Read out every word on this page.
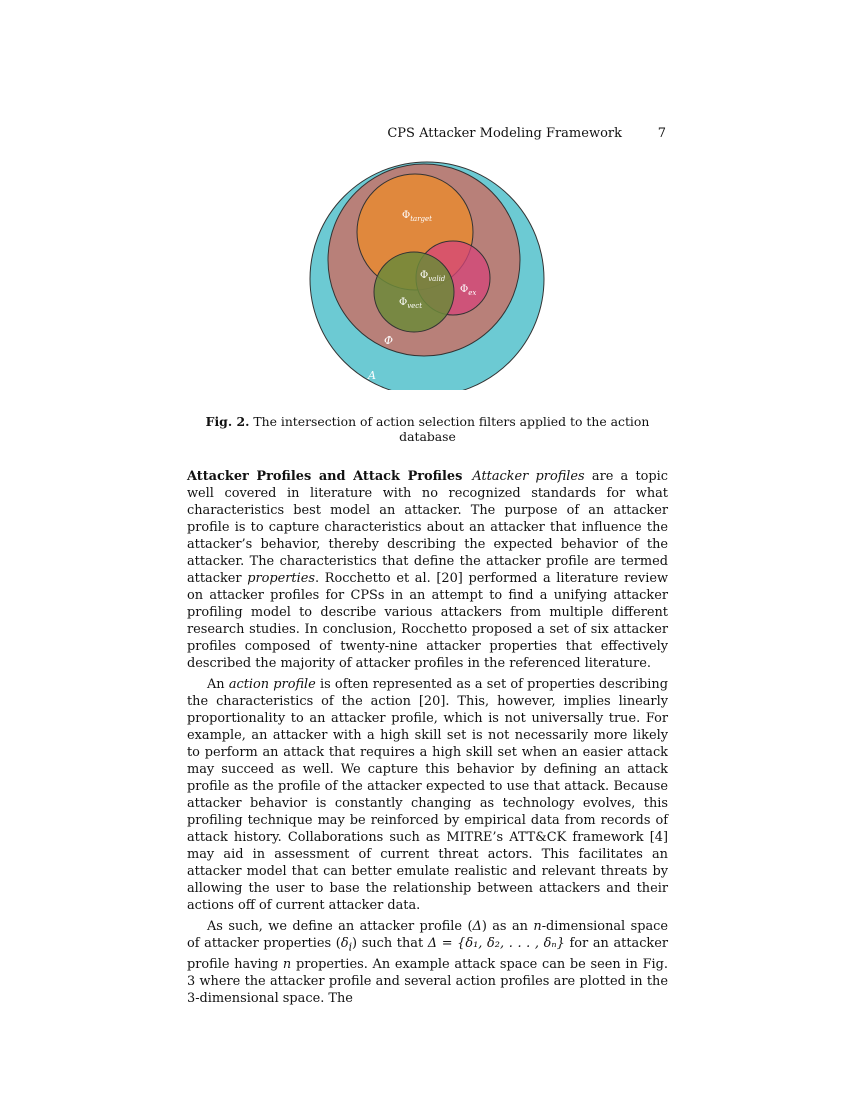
CPS Attacker Modeling Framework	7
A
Φ
$\Phi_{target}$
$\Phi_{valid}$
$\Phi_{vect}$
$\Phi_{ex}$
Fig. 2. The intersection of action selection filters applied to the action database

Attacker Profiles and Attack Profiles Attacker profiles are a topic well covered in literature with no recognized standards for what characteristics best model an attacker. The purpose of an attacker profile is to capture characteristics about an attacker that influence the attacker’s behavior, thereby describing the expected behavior of the attacker. The characteristics that define the attacker profile are termed attacker properties. Rocchetto et al. [20] performed a literature review on attacker profiles for CPSs in an attempt to find a unifying attacker profiling model to describe various attackers from multiple different research studies. In conclusion, Rocchetto proposed a set of six attacker profiles composed of twenty-nine attacker properties that effectively described the majority of attacker profiles in the referenced literature.

An action profile is often represented as a set of properties describing the characteristics of the action [20]. This, however, implies linearly proportionality to an attacker profile, which is not universally true. For example, an attacker with a high skill set is not necessarily more likely to perform an attack that requires a high skill set when an easier attack may succeed as well. We capture this behavior by defining an attack profile as the profile of the attacker expected to use that attack. Because attacker behavior is constantly changing as technology evolves, this profiling technique may be reinforced by empirical data from records of attack history. Collaborations such as MITRE’s ATT&CK framework [4] may aid in assessment of current threat actors. This facilitates an attacker model that can better emulate realistic and relevant threats by allowing the user to base the relationship between attackers and their actions off of current attacker data.

As such, we define an attacker profile (Δ) as an n-dimensional space of attacker properties $(\delta_i)$ such that Δ = {δ₁, δ₂, . . . , δₙ} for an attacker profile having n properties. An example attack space can be seen in Fig. 3 where the attacker profile and several action profiles are plotted in the 3-dimensional space. The
